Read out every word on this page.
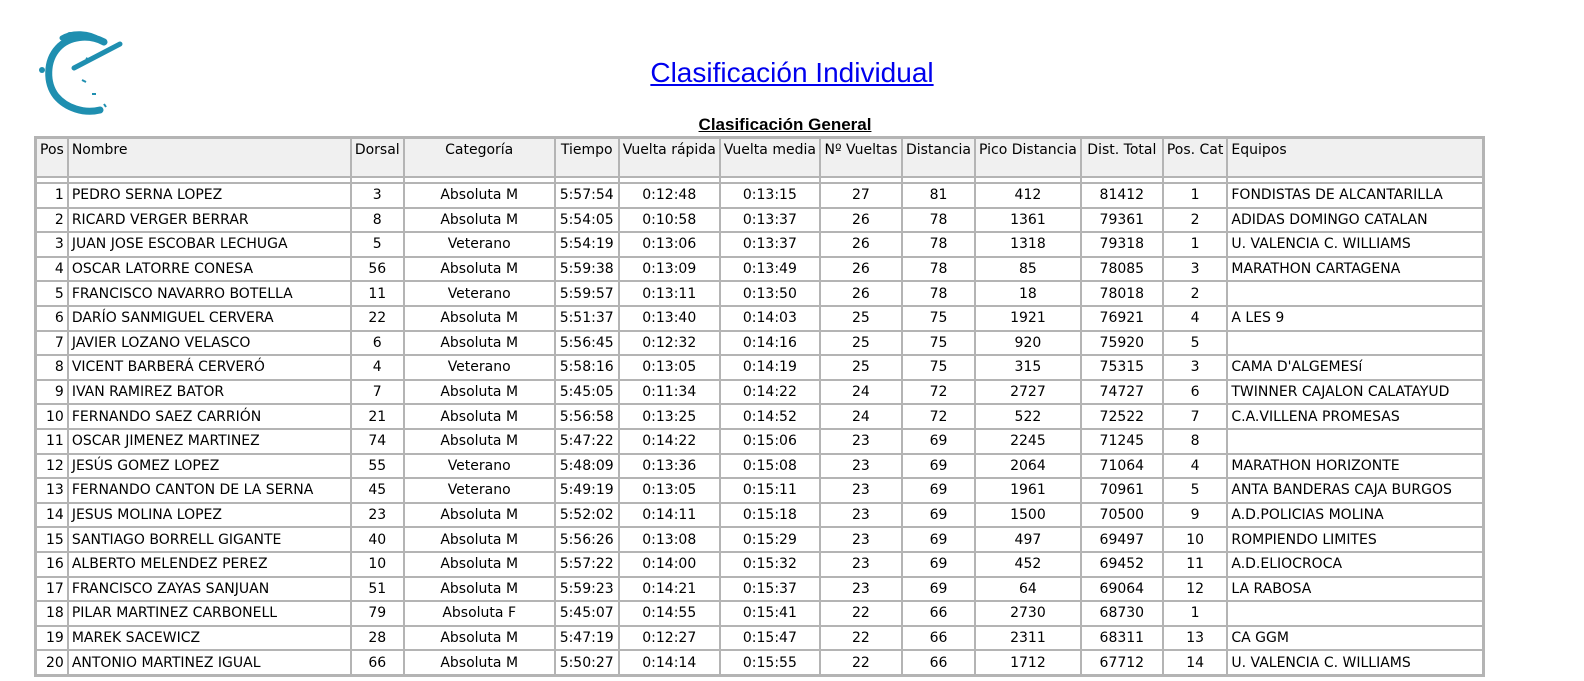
Clasificación Individual
Clasificación General
Pos	Nombre	Dorsal	Categoría	Tiempo	Vuelta rápida	Vuelta media	Nº Vueltas	Distancia	Pico Distancia	Dist. Total	Pos. Cat	Equipos

1	PEDRO SERNA LOPEZ	3	Absoluta M	5:57:54	0:12:48	0:13:15	27	81	412	81412	1	FONDISTAS DE ALCANTARILLA
2	RICARD VERGER BERRAR	8	Absoluta M	5:54:05	0:10:58	0:13:37	26	78	1361	79361	2	ADIDAS DOMINGO CATALAN
3	JUAN JOSE ESCOBAR LECHUGA	5	Veterano	5:54:19	0:13:06	0:13:37	26	78	1318	79318	1	U. VALENCIA C. WILLIAMS
4	OSCAR LATORRE CONESA	56	Absoluta M	5:59:38	0:13:09	0:13:49	26	78	85	78085	3	MARATHON CARTAGENA
5	FRANCISCO NAVARRO BOTELLA	11	Veterano	5:59:57	0:13:11	0:13:50	26	78	18	78018	2	
6	DARÍO SANMIGUEL CERVERA	22	Absoluta M	5:51:37	0:13:40	0:14:03	25	75	1921	76921	4	A LES 9
7	JAVIER LOZANO VELASCO	6	Absoluta M	5:56:45	0:12:32	0:14:16	25	75	920	75920	5	
8	VICENT BARBERÁ CERVERÓ	4	Veterano	5:58:16	0:13:05	0:14:19	25	75	315	75315	3	CAMA D'ALGEMESí
9	IVAN RAMIREZ BATOR	7	Absoluta M	5:45:05	0:11:34	0:14:22	24	72	2727	74727	6	TWINNER CAJALON CALATAYUD
10	FERNANDO SAEZ CARRIÓN	21	Absoluta M	5:56:58	0:13:25	0:14:52	24	72	522	72522	7	C.A.VILLENA PROMESAS
11	OSCAR JIMENEZ MARTINEZ	74	Absoluta M	5:47:22	0:14:22	0:15:06	23	69	2245	71245	8	
12	JESÚS GOMEZ LOPEZ	55	Veterano	5:48:09	0:13:36	0:15:08	23	69	2064	71064	4	MARATHON HORIZONTE
13	FERNANDO CANTON DE LA SERNA	45	Veterano	5:49:19	0:13:05	0:15:11	23	69	1961	70961	5	ANTA BANDERAS CAJA BURGOS
14	JESUS MOLINA LOPEZ	23	Absoluta M	5:52:02	0:14:11	0:15:18	23	69	1500	70500	9	A.D.POLICIAS MOLINA
15	SANTIAGO BORRELL GIGANTE	40	Absoluta M	5:56:26	0:13:08	0:15:29	23	69	497	69497	10	ROMPIENDO LIMITES
16	ALBERTO MELENDEZ PEREZ	10	Absoluta M	5:57:22	0:14:00	0:15:32	23	69	452	69452	11	A.D.ELIOCROCA
17	FRANCISCO ZAYAS SANJUAN	51	Absoluta M	5:59:23	0:14:21	0:15:37	23	69	64	69064	12	LA RABOSA
18	PILAR MARTINEZ CARBONELL	79	Absoluta F	5:45:07	0:14:55	0:15:41	22	66	2730	68730	1	
19	MAREK SACEWICZ	28	Absoluta M	5:47:19	0:12:27	0:15:47	22	66	2311	68311	13	CA GGM
20	ANTONIO MARTINEZ IGUAL	66	Absoluta M	5:50:27	0:14:14	0:15:55	22	66	1712	67712	14	U. VALENCIA C. WILLIAMS
